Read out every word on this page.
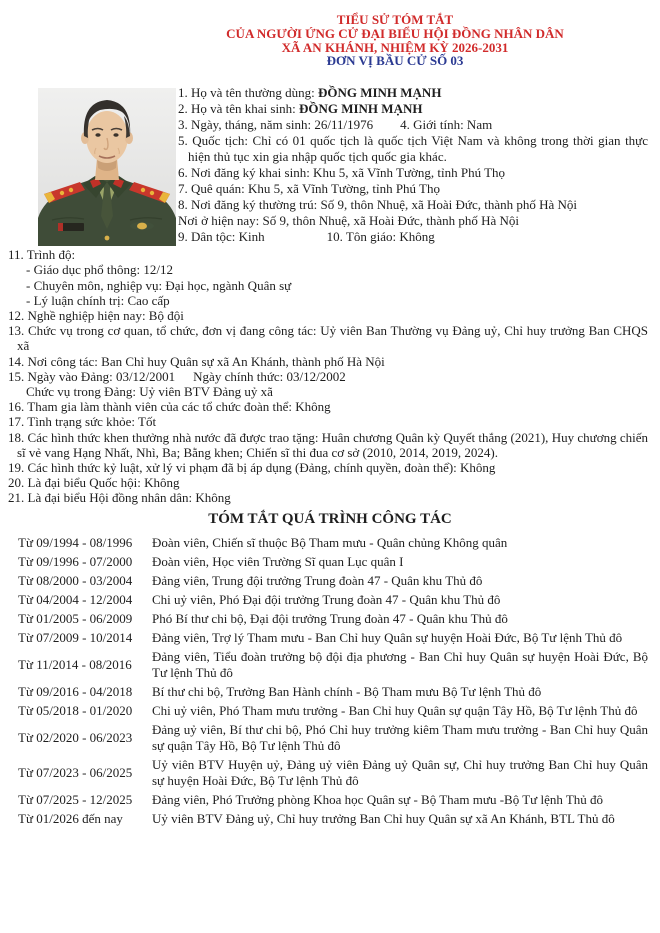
TIỂU SỬ TÓM TẮT
CỦA NGƯỜI ỨNG CỬ ĐẠI BIỂU HỘI ĐỒNG NHÂN DÂN
XÃ AN KHÁNH, NHIỆM KỲ 2026-2031
ĐƠN VỊ BẦU CỬ SỐ 03
1. Họ và tên thường dùng: ĐỒNG MINH MẠNH
2. Họ và tên khai sinh: ĐỒNG MINH MẠNH
3. Ngày, tháng, năm sinh: 26/11/1976 4. Giới tính: Nam
5. Quốc tịch: Chỉ có 01 quốc tịch là quốc tịch Việt Nam và không trong thời gian thực hiện thủ tục xin gia nhập quốc tịch quốc gia khác.
6. Nơi đăng ký khai sinh: Khu 5, xã Vĩnh Tường, tỉnh Phú Thọ
7. Quê quán: Khu 5, xã Vĩnh Tường, tỉnh Phú Thọ
8. Nơi đăng ký thường trú: Số 9, thôn Nhuệ, xã Hoài Đức, thành phố Hà Nội
Nơi ở hiện nay: Số 9, thôn Nhuệ, xã Hoài Đức, thành phố Hà Nội
9. Dân tộc: Kinh	10. Tôn giáo: Không
11. Trình độ:
- Giáo dục phổ thông: 12/12
- Chuyên môn, nghiệp vụ: Đại học, ngành Quân sự
- Lý luận chính trị: Cao cấp
12. Nghề nghiệp hiện nay: Bộ đội
13. Chức vụ trong cơ quan, tổ chức, đơn vị đang công tác: Uỷ viên Ban Thường vụ Đảng uỷ, Chỉ huy trưởng Ban CHQS xã
14. Nơi công tác: Ban Chỉ huy Quân sự xã An Khánh, thành phố Hà Nội
15. Ngày vào Đảng: 03/12/2001 Ngày chính thức: 03/12/2002
Chức vụ trong Đảng: Uỷ viên BTV Đảng uỷ xã
16. Tham gia làm thành viên của các tổ chức đoàn thể: Không
17. Tình trạng sức khỏe: Tốt
18. Các hình thức khen thưởng nhà nước đã được trao tặng: Huân chương Quân kỳ Quyết thắng (2021), Huy chương chiến sĩ vẻ vang Hạng Nhất, Nhì, Ba; Bằng khen; Chiến sĩ thi đua cơ sở (2010, 2014, 2019, 2024).
19. Các hình thức kỷ luật, xử lý vi phạm đã bị áp dụng (Đảng, chính quyền, đoàn thể): Không
20. Là đại biểu Quốc hội: Không
21. Là đại biểu Hội đồng nhân dân: Không
TÓM TẮT QUÁ TRÌNH CÔNG TÁC
Từ 09/1994 - 08/1996	Đoàn viên, Chiến sĩ thuộc Bộ Tham mưu - Quân chủng Không quân
Từ 09/1996 - 07/2000	Đoàn viên, Học viên Trường Sĩ quan Lục quân I
Từ 08/2000 - 03/2004	Đảng viên, Trung đội trưởng Trung đoàn 47 - Quân khu Thủ đô
Từ 04/2004 - 12/2004	Chi uỷ viên, Phó Đại đội trưởng Trung đoàn 47 - Quân khu Thủ đô
Từ 01/2005 - 06/2009	Phó Bí thư chi bộ, Đại đội trưởng Trung đoàn 47 - Quân khu Thủ đô
Từ 07/2009 - 10/2014	Đảng viên, Trợ lý Tham mưu - Ban Chỉ huy Quân sự huyện Hoài Đức, Bộ Tư lệnh Thủ đô
Từ 11/2014 - 08/2016
Đảng viên, Tiểu đoàn trưởng bộ đội địa phương - Ban Chỉ huy Quân sự huyện Hoài Đức, Bộ Tư lệnh Thủ đô
Từ 09/2016 - 04/2018	Bí thư chi bộ, Trưởng Ban Hành chính - Bộ Tham mưu Bộ Tư lệnh Thủ đô
Từ 05/2018 - 01/2020	Chi uỷ viên, Phó Tham mưu trưởng - Ban Chỉ huy Quân sự quận Tây Hồ, Bộ Tư lệnh Thủ đô
Từ 02/2020 - 06/2023
Đảng uỷ viên, Bí thư chi bộ, Phó Chỉ huy trưởng kiêm Tham mưu trưởng - Ban Chỉ huy Quân sự quận Tây Hồ, Bộ Tư lệnh Thủ đô
Từ 07/2023 - 06/2025
Uỷ viên BTV Huyện uỷ, Đảng uỷ viên Đảng uỷ Quân sự, Chỉ huy trưởng Ban Chỉ huy Quân sự huyện Hoài Đức, Bộ Tư lệnh Thủ đô
Từ 07/2025 - 12/2025	Đảng viên, Phó Trưởng phòng Khoa học Quân sự - Bộ Tham mưu -Bộ Tư lệnh Thủ đô
Từ 01/2026 đến nay	Uỷ viên BTV Đảng uỷ, Chỉ huy trưởng Ban Chỉ huy Quân sự xã An Khánh, BTL Thủ đô
